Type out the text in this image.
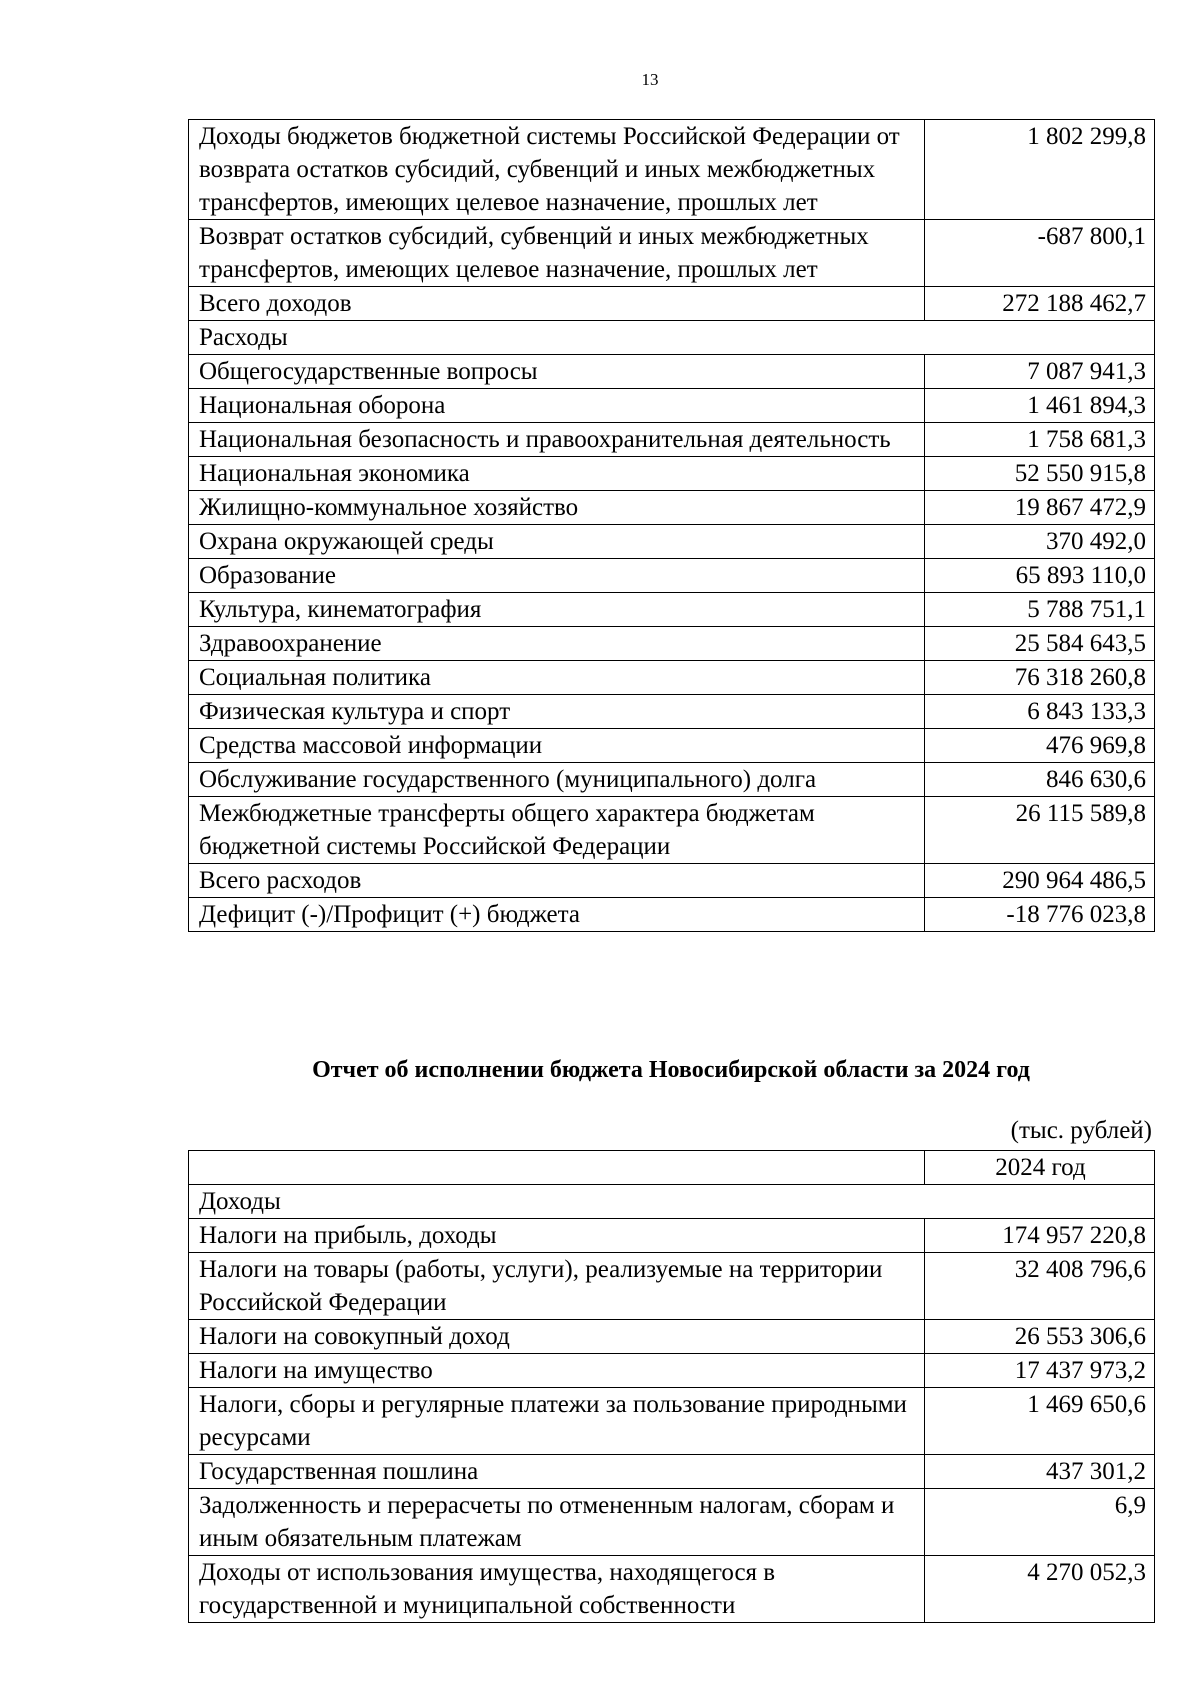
13
Доходы бюджетов бюджетной системы Российской Федерации от возврата остатков субсидий, субвенций и иных межбюджетных трансфертов, имеющих целевое назначение, прошлых лет	1 802 299,8
Возврат остатков субсидий, субвенций и иных межбюджетных трансфертов, имеющих целевое назначение, прошлых лет	-687 800,1
Всего доходов	272 188 462,7
Расходы	
Общегосударственные вопросы	7 087 941,3
Национальная оборона	1 461 894,3
Национальная безопасность и правоохранительная деятельность	1 758 681,3
Национальная экономика	52 550 915,8
Жилищно-коммунальное хозяйство	19 867 472,9
Охрана окружающей среды	370 492,0
Образование	65 893 110,0
Культура, кинематография	5 788 751,1
Здравоохранение	25 584 643,5
Социальная политика	76 318 260,8
Физическая культура и спорт	6 843 133,3
Средства массовой информации	476 969,8
Обслуживание государственного (муниципального) долга	846 630,6
Межбюджетные трансферты общего характера бюджетам бюджетной системы Российской Федерации	26 115 589,8
Всего расходов	290 964 486,5
Дефицит (-)/Профицит (+) бюджета	-18 776 023,8
Отчет об исполнении бюджета Новосибирской области за 2024 год
(тыс. рублей)
	2024 год
Доходы	
Налоги на прибыль, доходы	174 957 220,8
Налоги на товары (работы, услуги), реализуемые на территории Российской Федерации	32 408 796,6
Налоги на совокупный доход	26 553 306,6
Налоги на имущество	17 437 973,2
Налоги, сборы и регулярные платежи за пользование природными ресурсами	1 469 650,6
Государственная пошлина	437 301,2
Задолженность и перерасчеты по отмененным налогам, сборам и иным обязательным платежам	6,9
Доходы от использования имущества, находящегося в государственной и муниципальной собственности	4 270 052,3
